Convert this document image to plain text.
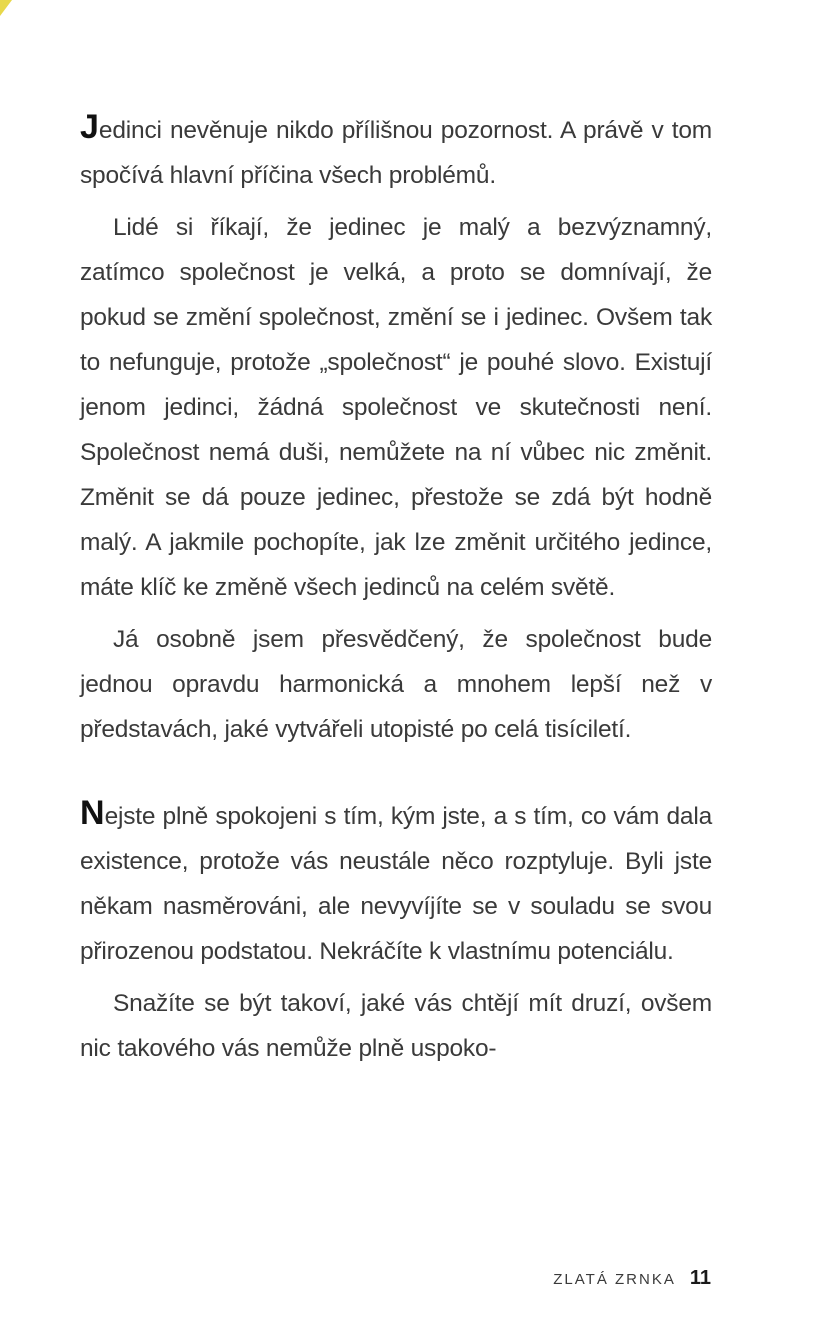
Jedinci nevěnuje nikdo přílišnou pozornost. A právě v tom spočívá hlavní příčina všech problémů.

Lidé si říkají, že jedinec je malý a bezvýznamný, zatímco společnost je velká, a proto se domnívají, že pokud se změní společnost, změní se i jedinec. Ovšem tak to nefunguje, protože „společnost“ je pouhé slovo. Existují jenom jedinci, žádná společnost ve skutečnosti není. Společnost nemá duši, nemůžete na ní vůbec nic změnit. Změnit se dá pouze jedinec, přestože se zdá být hodně malý. A jakmile pochopíte, jak lze změnit určitého jedince, máte klíč ke změně všech jedinců na celém světě.

Já osobně jsem přesvědčený, že společnost bude jednou opravdu harmonická a mnohem lepší než v představách, jaké vytvářeli utopisté po celá tisíciletí.

Nejste plně spokojeni s tím, kým jste, a s tím, co vám dala existence, protože vás neustále něco rozptyluje. Byli jste někam nasměrováni, ale nevyvíjíte se v souladu se svou přirozenou podstatou. Nekráčíte k vlastnímu potenciálu.

Snažíte se být takoví, jaké vás chtějí mít druzí, ovšem nic takového vás nemůže plně uspoko-

ZLATÁ ZRNKA 11
